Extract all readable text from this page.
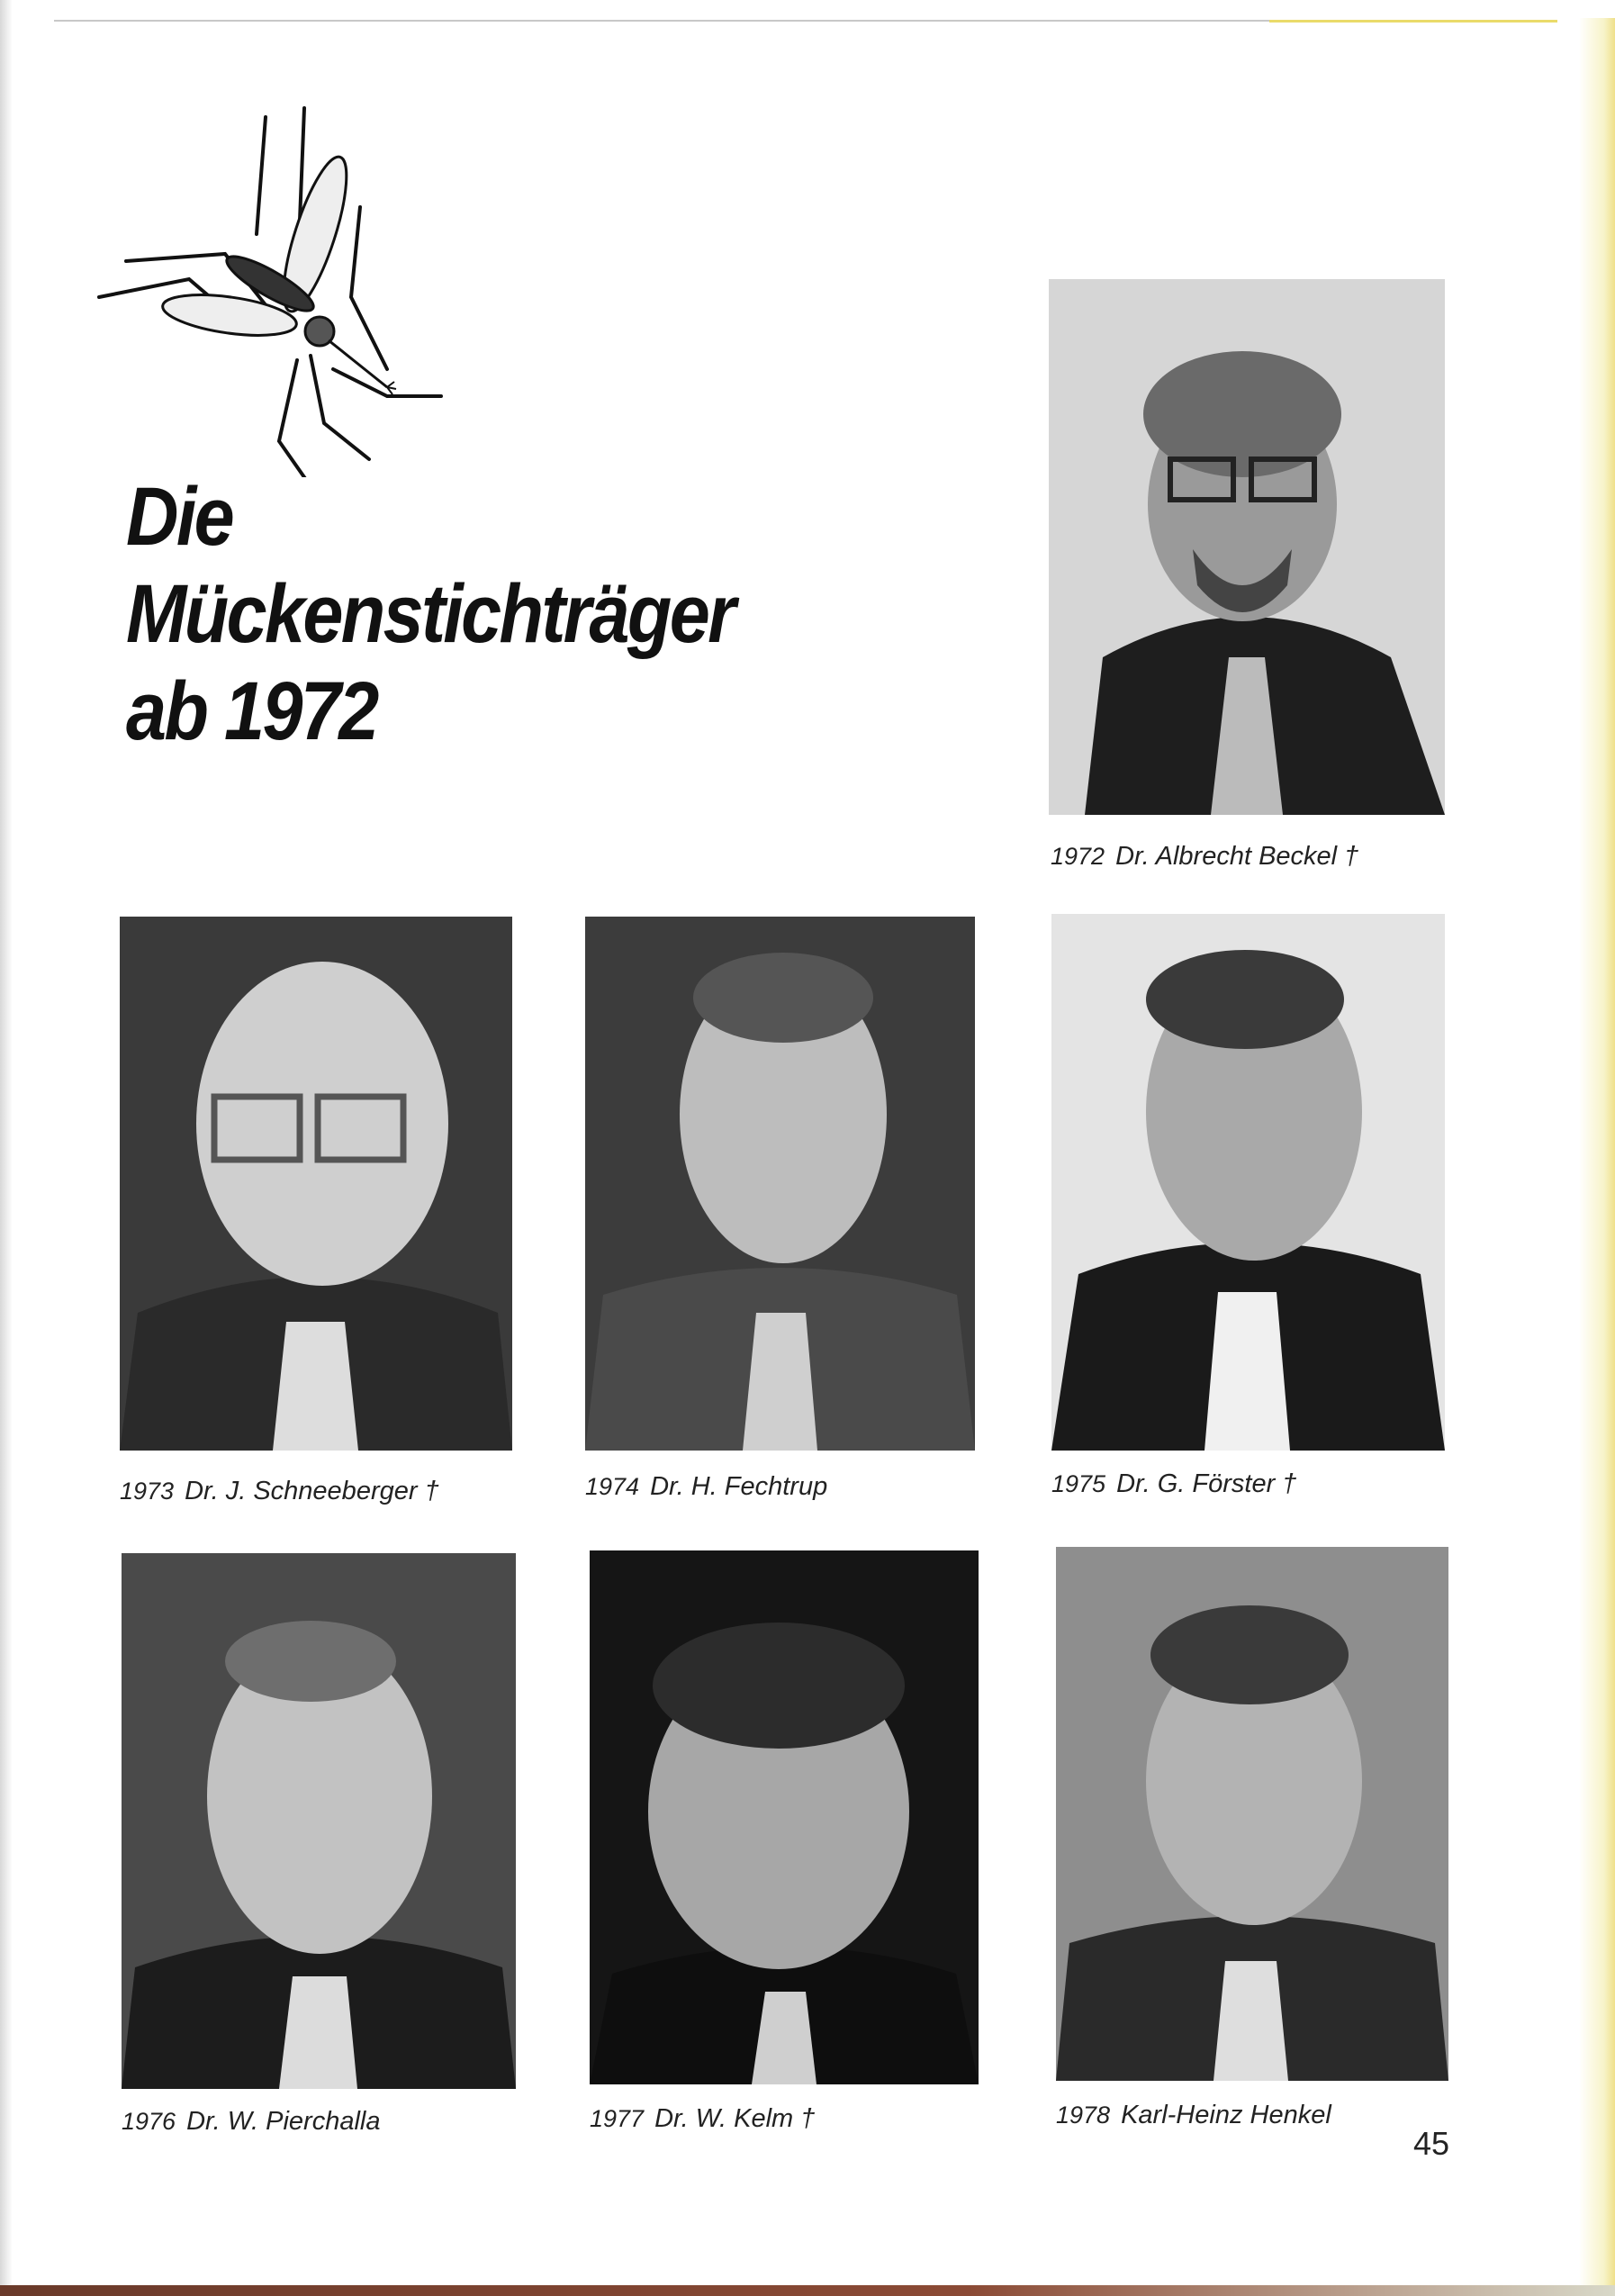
Die
Mückenstichträger
ab 1972
1972 Dr. Albrecht Beckel †
1973 Dr. J. Schneeberger †	1974 Dr. H. Fechtrup	1975 Dr. G. Förster †
1976 Dr. W. Pierchalla	1977 Dr. W. Kelm †	1978 Karl-Heinz Henkel
45
